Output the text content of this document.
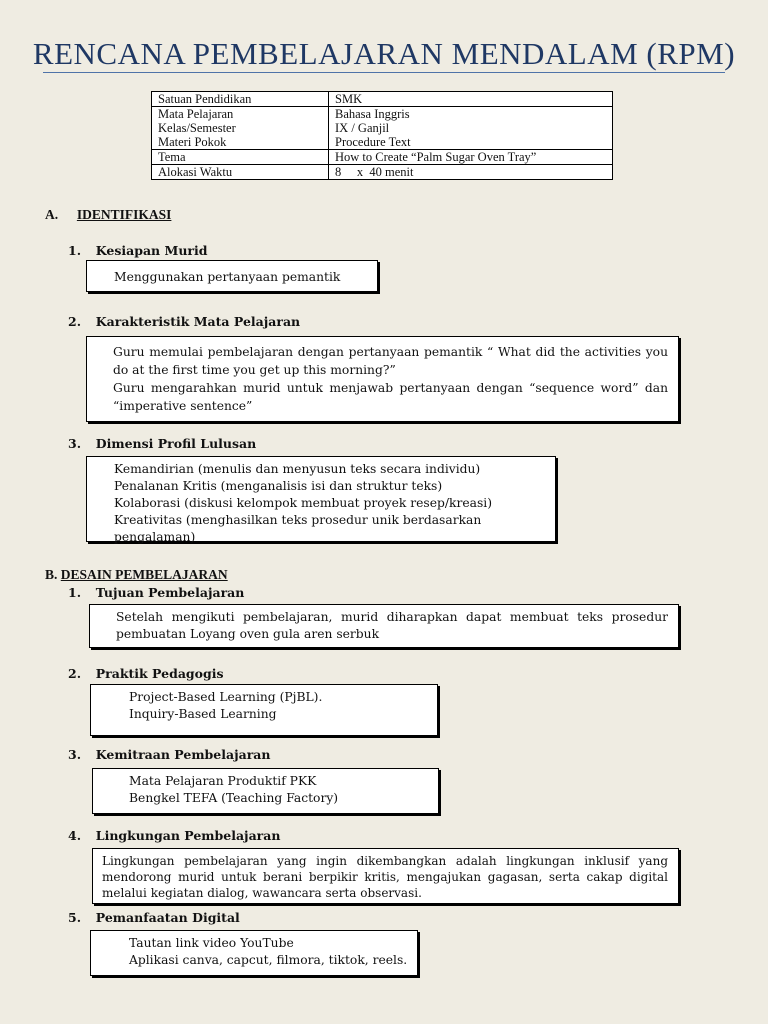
RENCANA PEMBELAJARAN MENDALAM (RPM)
Satuan Pendidikan	SMK
Mata Pelajaran	Bahasa Inggris
Kelas/Semester	IX / Ganjil
Materi Pokok	Procedure Text
Tema	How to Create “Palm Sugar Oven Tray”
Alokasi Waktu	8     x  40 menit
A. IDENTIFIKASI
1. Kesiapan Murid
Menggunakan pertanyaan pemantik
2. Karakteristik Mata Pelajaran
Guru memulai pembelajaran dengan pertanyaan pemantik “ What did the activities you do at the first time you get up this morning?”
Guru mengarahkan murid untuk menjawab pertanyaan dengan “sequence word” dan “imperative sentence”
3. Dimensi Profil Lulusan
Kemandirian (menulis dan menyusun teks secara individu)
Penalanan Kritis (menganalisis isi dan struktur teks)
Kolaborasi (diskusi kelompok membuat proyek resep/kreasi)
Kreativitas (menghasilkan teks prosedur unik berdasarkan pengalaman)
B. DESAIN PEMBELAJARAN
1. Tujuan Pembelajaran
Setelah mengikuti pembelajaran, murid diharapkan dapat membuat teks prosedur pembuatan Loyang oven gula aren serbuk
2. Praktik Pedagogis
Project-Based Learning (PjBL).
Inquiry-Based Learning
3. Kemitraan Pembelajaran
Mata Pelajaran Produktif PKK
Bengkel TEFA (Teaching Factory)
4. Lingkungan Pembelajaran

Lingkungan pembelajaran yang ingin dikembangkan adalah lingkungan inklusif yang mendorong murid untuk berani berpikir kritis, mengajukan gagasan, serta cakap digital melalui kegiatan dialog, wawancara serta observasi.

5. Pemanfaatan Digital
Tautan link video YouTube
Aplikasi canva, capcut, filmora, tiktok, reels.
